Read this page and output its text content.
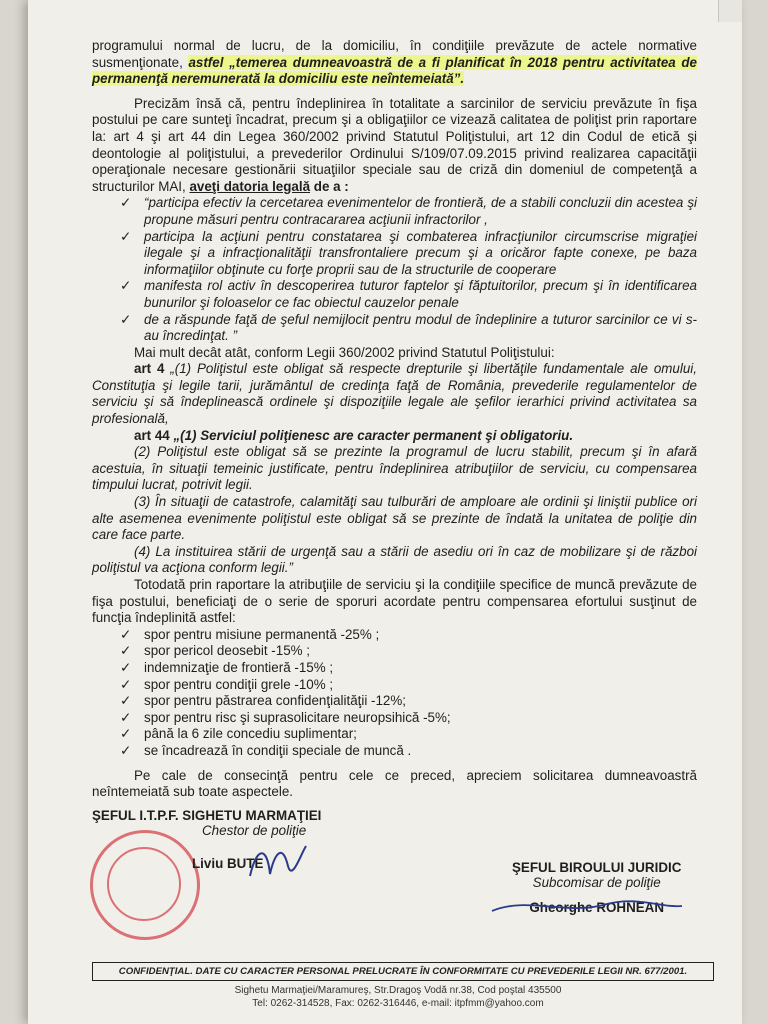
programului normal de lucru, de la domiciliu, în condiţiile prevăzute de actele normative susmenţionate, astfel „temerea dumneavoastră de a fi planificat în 2018 pentru activitatea de permanenţă neremunerată la domiciliu este neîntemeiată”.

Precizăm însă că, pentru îndeplinirea în totalitate a sarcinilor de serviciu prevăzute în fişa postului pe care sunteţi încadrat, precum şi a obligaţiilor ce vizează calitatea de poliţist prin raportare la: art 4 şi art 44 din Legea 360/2002 privind Statutul Poliţistului, art 12 din Codul de etică şi deontologie al poliţistului, a prevederilor Ordinului S/109/07.09.2015 privind realizarea capacităţii operaţionale necesare gestionării situaţiilor speciale sau de criză din domeniul de competenţă a structurilor MAI, aveţi datoria legală de a :

✓ “participa efectiv la cercetarea evenimentelor de frontieră, de a stabili concluzii din acestea şi propune măsuri pentru contracararea acţiunii infractorilor ,
✓ participa la acţiuni pentru constatarea şi combaterea infracţiunilor circumscrise migraţiei ilegale şi a infracţionalităţii transfrontaliere precum şi a oricăror fapte conexe, pe baza informaţiilor obţinute cu forţe proprii sau de la structurile de cooperare
✓ manifesta rol activ în descoperirea tuturor faptelor şi făptuitorilor, precum şi în identificarea bunurilor şi foloaselor ce fac obiectul cauzelor penale
✓ de a răspunde faţă de şeful nemijlocit pentru modul de îndeplinire a tuturor sarcinilor ce vi s-au încredinţat. ”

Mai mult decât atât, conform Legii 360/2002 privind Statutul Poliţistului:

art 4 „(1) Poliţistul este obligat să respecte drepturile şi libertăţile fundamentale ale omului, Constituţia şi legile tarii, jurământul de credinţa faţă de România, prevederile regulamentelor de serviciu şi să îndeplinească ordinele şi dispoziţiile legale ale şefilor ierarhici privind activitatea sa profesională,

art 44 „(1) Serviciul poliţienesc are caracter permanent şi obligatoriu.

(2) Poliţistul este obligat să se prezinte la programul de lucru stabilit, precum şi în afară acestuia, în situaţii temeinic justificate, pentru îndeplinirea atribuţiilor de serviciu, cu compensarea timpului lucrat, potrivit legii.

(3) În situaţii de catastrofe, calamităţi sau tulburări de amploare ale ordinii şi liniştii publice ori alte asemenea evenimente poliţistul este obligat să se prezinte de îndată la unitatea de poliţie din care face parte.

(4) La instituirea stării de urgenţă sau a stării de asediu ori în caz de mobilizare şi de război poliţistul va acţiona conform legii.”

Totodată prin raportare la atribuţiile de serviciu şi la condiţiile specifice de muncă prevăzute de fişa postului, beneficiaţi de o serie de sporuri acordate pentru compensarea efortului susţinut de funcţia îndeplinită astfel:

✓ spor pentru misiune permanentă -25% ;
✓ spor pericol deosebit -15% ;
✓ indemnizaţie de frontieră -15% ;
✓ spor pentru condiţii grele -10% ;
✓ spor pentru păstrarea confidenţialităţii -12%;
✓ spor pentru risc şi suprasolicitare neuropsihică -5%;
✓ până la 6 zile concediu suplimentar;
✓ se încadrează în condiţii speciale de muncă .

Pe cale de consecinţă pentru cele ce preced, apreciem solicitarea dumneavoastră neîntemeiată sub toate aspectele.

ŞEFUL I.T.P.F. SIGHETU MARMAŢIEI
Chestor de poliţie
Liviu BUTE	ŞEFUL BIROULUI JURIDIC
Subcomisar de poliţie
Gheorghe ROHNEAN
CONFIDENŢIAL. DATE CU CARACTER PERSONAL PRELUCRATE ÎN CONFORMITATE CU PREVEDERILE LEGII NR. 677/2001.
Sighetu Marmaţiei/Maramureş, Str.Dragoş Vodă nr.38, Cod poştal 435500
Tel: 0262-314528, Fax: 0262-316446, e-mail: itpfmm@yahoo.com
